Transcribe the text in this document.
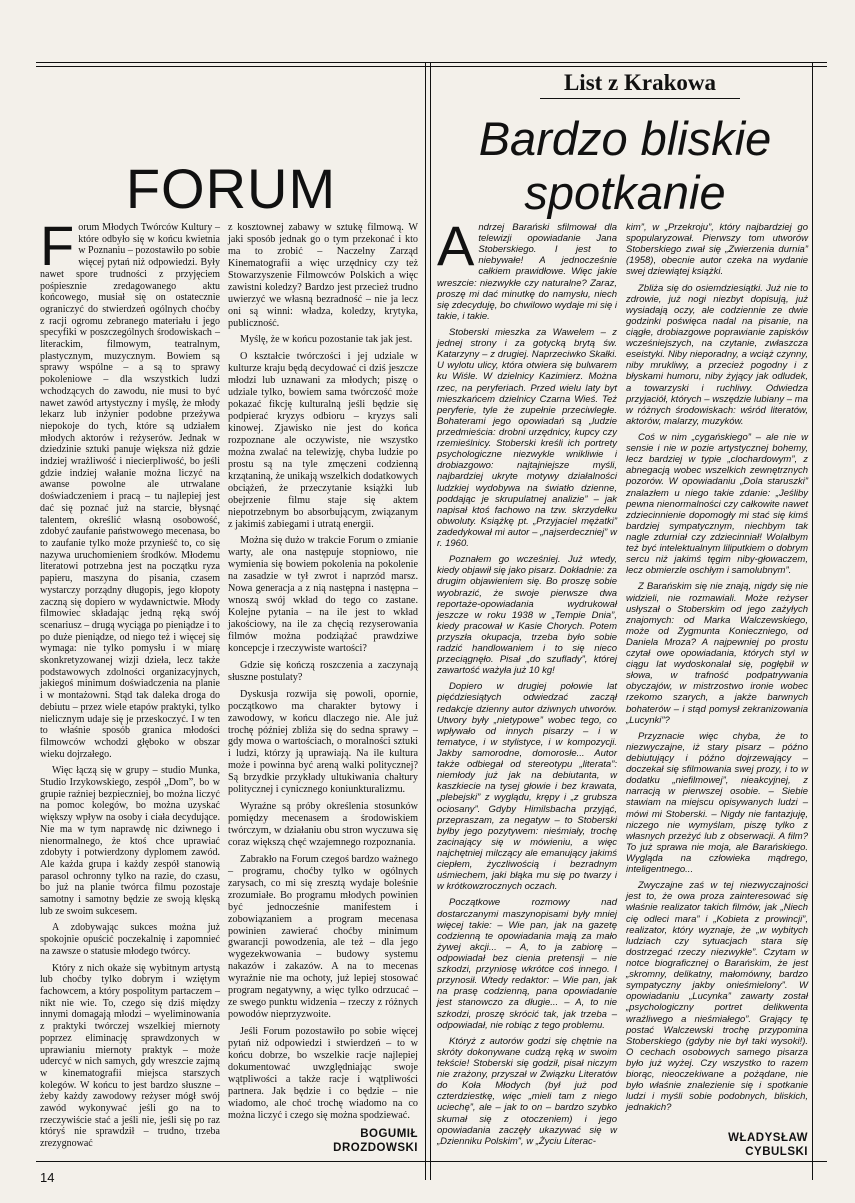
FORUM
List z Krakowa
Bardzo bliskie
spotkanie

Forum Młodych Twórców Kultury – które odbyło się w końcu kwietnia w Poznaniu – pozostawiło po sobie więcej pytań niż odpowiedzi. Były nawet spore trudności z przyjęciem pośpiesznie zredagowanego aktu końcowego, musiał się on ostatecznie ograniczyć do stwierdzeń ogólnych choćby z racji ogromu zebranego materiału i jego specyfiki w poszczególnych środowiskach – literackim, filmowym, teatralnym, plastycznym, muzycznym. Bowiem są sprawy wspólne – a są to sprawy pokoleniowe – dla wszystkich ludzi wchodzących do zawodu, nie musi to być nawet zawód artystyczny i myślę, że młody lekarz lub inżynier podobne przeżywa niepokoje do tych, które są udziałem młodych aktorów i reżyserów. Jednak w dziedzinie sztuki panuje większa niż gdzie indziej wrażliwość i niecierpliwość, bo jeśli gdzie indziej wałanie można liczyć na awanse powolne ale utrwalane doświadczeniem i pracą – tu najlepiej jest dać się poznać już na starcie, błysnąć talentem, określić własną osobowość, zdobyć zaufanie państwowego mecenasa, bo to zaufanie tylko może przynieść to, co się nazywa uruchomieniem środków. Młodemu literatowi potrzebna jest na początku ryza papieru, maszyna do pisania, czasem wystarczy porządny długopis, jego kłopoty zaczną się dopiero w wydawnictwie. Młody filmowiec składając jedną ręką swój scenariusz – drugą wyciąga po pieniądze i to po duże pieniądze, od niego też i więcej się wymaga: nie tylko pomysłu i w miarę skonkretyzowanej wizji dzieła, lecz także podstawowych zdolności organizacyjnych, jakiegoś minimum doświadczenia na planie i w montażowni. Stąd tak daleka droga do debiutu – przez wiele etapów praktyki, tylko nielicznym udaje się je przeskoczyć. I w ten to właśnie sposób granica młodości filmowców wchodzi głęboko w obszar wieku dojrzałego.

Więc łączą się w grupy – studio Munka, Studio Irzykowskiego, zespół „Dom”, bo w grupie raźniej bezpieczniej, bo można liczyć na pomoc kolegów, bo można uzyskać większy wpływ na osoby i ciała decydujące. Nie ma w tym naprawdę nic dziwnego i nienormalnego, że ktoś chce uprawiać zdobyty i potwierdzony dyplomem zawód. Ale każda grupa i każdy zespół stanowią parasol ochronny tylko na razie, do czasu, bo już na planie twórca filmu pozostaje samotny i samotny będzie ze swoją klęską lub ze swoim sukcesem.

A zdobywając sukces można już spokojnie opuścić poczekalnię i zapomnieć na zawsze o statusie młodego twórcy.

Który z nich okaże się wybitnym artystą lub choćby tylko dobrym i wziętym fachowcem, a który pospolitym partaczem – nikt nie wie. To, czego się dziś między innymi domagają młodzi – wyeliminowania z praktyki twórczej wszelkiej miernoty poprzez eliminację sprawdzonych w uprawianiu miernoty praktyk – może udercyć w nich samych, gdy wreszcie zajmą w kinematografii miejsca starszych kolegów. W końcu to jest bardzo słuszne – żeby każdy zawodowy reżyser mógł swój zawód wykonywać jeśli go na to rzeczywiście stać a jeśli nie, jeśli się po raz któryś nie sprawdził – trudno, trzeba zrezygnować

z kosztownej zabawy w sztukę filmową. W jaki sposób jednak go o tym przekonać i kto ma to zrobić – Naczelny Zarząd Kinematografii a więc urzędnicy czy też Stowarzyszenie Filmowców Polskich a więc zawistni koledzy? Bardzo jest przecież trudno uwierzyć we własną bezradność – nie ja lecz oni są winni: władza, koledzy, krytyka, publiczność.

Myślę, że w końcu pozostanie tak jak jest.

O kształcie twórczości i jej udziale w kulturze kraju będą decydować ci dziś jeszcze młodzi lub uznawani za młodych; piszę o udziale tylko, bowiem sama twórczość może pokazać fikcję kulturalną jeśli będzie się podpierać kryzys odbioru – kryzys sali kinowej. Zjawisko nie jest do końca rozpoznane ale oczywiste, nie wszystko można zwalać na telewizję, chyba ludzie po prostu są na tyle zmęczeni codzienną krzątaniną, że unikają wszelkich dodatkowych obciążeń, że przeczytanie książki lub obejrzenie filmu staje się aktem niepotrzebnym bo absorbującym, związanym z jakimiś zabiegami i utratą energii.

Można się dużo w trakcie Forum o zmianie warty, ale ona następuje stopniowo, nie wymienia się bowiem pokolenia na pokolenie na zasadzie w tył zwrot i naprzód marsz. Nowa generacja a z nią następna i następna – wnoszą swój wkład do tego co zastane. Kolejne pytania – na ile jest to wkład jakościowy, na ile za chęcią rezyserowania filmów można podziążać prawdziwe koncepcje i rzeczywiste wartości?

Gdzie się kończą roszczenia a zaczynają słuszne postulaty?

Dyskusja rozwija się powoli, opornie, początkowo ma charakter bytowy i zawodowy, w końcu dlaczego nie. Ale już trochę później zbliża się do sedna sprawy – gdy mowa o wartościach, o moralności sztuki i ludzi, którzy ją uprawiają. Na ile kultura może i powinna być areną walki politycznej? Są brzydkie przykłady ultukiwania chałtury politycznej i cynicznego koniunkturalizmu.

Wyraźne są próby określenia stosunków pomiędzy mecenasem a środowiskiem twórczym, w działaniu obu stron wyczuwa się coraz większą chęć wzajemnego rozpoznania.

Zabrakło na Forum czegoś bardzo ważnego – programu, choćby tylko w ogólnych zarysach, co mi się zresztą wydaje boleśnie zrozumiałe. Bo programu młodych powinien być jednocześnie manifestem i zobowiązaniem a program mecenasa powinien zawierać choćby minimum gwarancji powodzenia, ale też – dla jego wygezekwowania – budowy systemu nakazów i zakazów. A na to mecenas wyraźnie nie ma ochoty, już lepiej stosować program negatywny, a więc tylko odrzucać – ze swego punktu widzenia – rzeczy z różnych powodów nieprzyzwoite.

Jeśli Forum pozostawiło po sobie więcej pytań niż odpowiedzi i stwierdzeń – to w końcu dobrze, bo wszelkie racje najlepiej dokumentować uwzględniając swoje wątpliwości a także racje i wątpliwości partnera. Jak będzie i co będzie – nie wiadomo, ale choć trochę wiadomo na co można liczyć i czego się można spodziewać.

BOGUMIŁ
DROZDOWSKI

Andrzej Barański sfilmował dla telewizji opowiadanie Jana Stoberskiego. I jest to niebywałe! A jednocześnie całkiem prawidłowe. Więc jakie wreszcie: niezwykłe czy naturalne? Zaraz, proszę mi dać minutkę do namysłu, niech się zdecyduję, bo chwilowo wydaje mi się i takie, i takie.

Stoberski mieszka za Wawelem – z jednej strony i za gotycką brytą św. Katarzyny – z drugiej. Naprzeciwko Skałki. U wylotu ulicy, która otwiera się bulwarem ku Wiśle. W dzielnicy Kazimierz. Można rzec, na peryferiach. Przed wielu laty byt mieszkańcem dzielnicy Czarna Wieś. Też peryferie, tyle że zupełnie przeciwległe. Bohaterami jego opowiadań są „ludzie przedmieścia: drobni urzędnicy, kupcy czy rzemieślnicy. Stoberski kreśli ich portrety psychologiczne niezwykle wnikliwie i drobiazgowo: najtajniejsze myśli, najbardziej ukryte motywy działalności ludzkiej wydobywa na światło dzienne, poddając je skrupulatnej analizie” – jak napisał ktoś fachowo na tzw. skrzydełku obwoluty. Książkę pt. „Przyjaciel mężatki” zadedykował mi autor – „najserdeczniej” w r. 1960.

Poznałem go wcześniej. Już wtedy, kiedy objawił się jako pisarz. Dokładnie: za drugim objawieniem się. Bo proszę sobie wyobrazić, że swoje pierwsze dwa reportaże-opowiadania wydrukował jeszcze w roku 1938 w „Tempie Dnia”, kiedy pracował w Kasie Chorych. Potem przyszła okupacja, trzeba było sobie radzić handlowaniem i to się nieco przeciągnęło. Pisał „do szuflady”, której zawartość ważyła już 10 kg!

Dopiero w drugiej połowie lat pięćdziesiątych odwiedzać zaczął redakcje dzienny autor dziwnych utworów. Utwory były „nietypowe” wobec tego, co wpływało od innych pisarzy – i w tematyce, i w stylistyce, i w kompozycji. Jakby samorodne, domorosłe... Autor także odbiegał od stereotypu „literata”: niemłody już jak na debiutanta, w kaszkiecie na tysej głowie i bez krawata, „plebejski” z wyglądu, krępy i „z grubsza ociosany”. Gdyby Himilsbacha przyjąć, przepraszam, za negatyw – to Stoberski byłby jego pozytywem: nieśmiały, trochę zacinający się w mówieniu, a więc najchętniej milczący ale emanujący jakimś ciepłem, życzliwością i bezradnym uśmiechem, jaki błąka mu się po twarzy i w krótkowzrocznych oczach.

Początkowe rozmowy nad dostarczanymi maszynopisami były mniej więcej takie: – Wie pan, jak na gazetę codzienną te opowiadania mają za mało żywej akcji... – A, to ja zabiorę – odpowiadał bez cienia pretensji – nie szkodzi, przyniosę wkrótce coś innego. I przynosił. Wtedy redaktor: – Wie pan, jak na prasę codzienną, pana opowiadanie jest stanowczo za długie... – A, to nie szkodzi, proszę skrócić tak, jak trzeba – odpowiadał, nie robiąc z tego problemu.

Któryż z autorów godzi się chętnie na skróty dokonywane cudzą ręką w swoim tekście! Stoberski się godził, pisał niczym nie zrażony, przyszał w Związku Literatów do Koła Młodych (był już pod czterdziestkę, więc „mieli tam z niego uciechę”, ale – jak to on – bardzo szybko skumał się z otoczeniem) i jego opowiadania zaczęły ukazywać się w „Dzienniku Polskim”, w „Życiu Literac-

kim”, w „Przekroju”, który najbardziej go spopularyzował. Pierwszy tom utworów Stoberskiego zwał się „Zwierzenia durnia” (1958), obecnie autor czeka na wydanie swej dziewiątej książki.

Zbliża się do osiemdziesiątki. Już nie to zdrowie, już nogi niezbyt dopisują, już wysiadają oczy, ale codziennie ze dwie godzinki poświęca nadal na pisanie, na ciągłe, drobiazgowe poprawianie zapisków wcześniejszych, na czytanie, zwłaszcza eseistyki. Niby nieporadny, a wciąż czynny, niby mrukliwy, a przecież pogodny i z błyskami humoru, niby żyjący jak odludek, a towarzyski i ruchliwy. Odwiedza przyjaciół, których – wszędzie lubiany – ma w różnych środowiskach: wśród literatów, aktorów, malarzy, muzyków.

Coś w nim „cygańskiego” – ale nie w sensie i nie w pozie artystycznej bohemy, lecz bardziej w typie „clochardowym”, z abnegacją wobec wszelkich zewnętrznych pozorów. W opowiadaniu „Dola staruszki” znalazłem u niego takie zdanie: „Jeśliby pewna nienormalności czy całkowite nawet zdziecinnienie dopomogły mi stać się kimś bardziej sympatycznym, niechbym tak nagle zdurniał czy zdziecinniał! Wolałbym też być intelektualnym liliputkiem o dobrym sercu niż jakimś tęgim niby-głowaczem, lecz obmierzle oschłym i samolubnym”.

Z Barańskim się nie znają, nigdy się nie widzieli, nie rozmawiali. Może reżyser usłyszał o Stoberskim od jego zażyłych znajomych: od Marka Walczewskiego, może od Zygmunta Konieczniego, od Daniela Mroza? A najpewniej po prostu czytał owe opowiadania, których styl w ciągu lat wydoskonalał się, pogłębił w słowa, w trafność podpatrywania obyczajów, w mistrzostwo ironie wobec rzekomo szarych, a jakże barwnych bohaterów – i stąd pomysł zekranizowania „Lucynki”?

Przyznacie więc chyba, że to niezwyczajne, iż stary pisarz – późno debiutujący i późno dojrzewający – doczekał się sfilmowania swej prozy, i to w dodatku „niefilmowej”, nieakcyjnej, z narracją w pierwszej osobie. – Siebie stawiam na miejscu opisywanych ludzi – mówi mi Stoberski. – Nigdy nie fantazjuję, niczego nie wymyślam, piszę tylko z własnych przeżyć lub z obserwacji. A film? To już sprawa nie moja, ale Barańskiego. Wygląda na człowieka mądrego, inteligentnego...

Zwyczajne zaś w tej niezwyczajności jest to, że owa proza zainteresować się właśnie realizator takich filmów, jak „Niech cię odleci mara” i „Kobieta z prowincji”, realizator, który wyznaje, że „w wybitych ludziach czy sytuacjach stara się dostrzegać rzeczy niezwykłe”. Czytam w notce biograficznej o Barańskim, że jest „skromny, delikatny, małomówny, bardzo sympatyczny jakby onieśmielony”. W opowiadaniu „Lucynka” zawarty został „psychologiczny portret delikwenta wrażliwego a nieśmiałego”. Grający tę postać Walczewski trochę przypomina Stoberskiego (gdyby nie był taki wysoki!). O cechach osobowych samego pisarza było już wyżej. Czy wszystko to razem biorąc, nieoczekiwane a pożądane, nie było właśnie znalezienie się i spotkanie ludzi i myśli sobie podobnych, bliskich, jednakich?

WŁADYSŁAW
CYBULSKI
14
